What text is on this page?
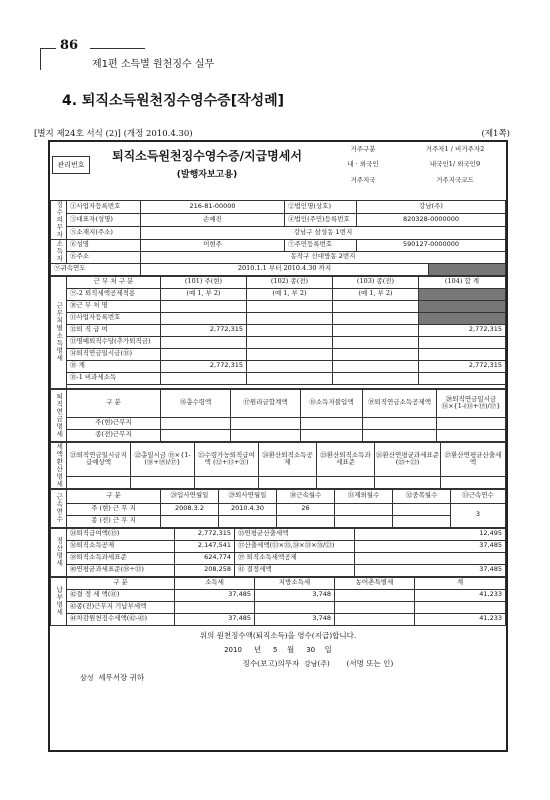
86
제1편 소득별 원천징수 실무
4. 퇴직소득원천징수영수증[작성례]
[별지 제24호 서식 (2)] (개정 2010.4.30)	(제1쪽)
관리번호	퇴직소득원천징수영수증/지급명세서
(발행자보고용)	거주구분	거주자1 / 비거주자2
		내 · 외국인	내국인1/ 외국인9
		거주지국	거주지국코드

징수의무자	①사업자등록번호	216-81-00000	②법인명(상호)	강남(주)	
	③대표자(성명)	손예진	④법인(주민)등록번호	820328-0000000	
	⑤소재지(주소)	강남구 삼성동 1번지			
소득자	⑥성명	이현주	⑦주민등록번호	590127-0000000	
	⑧주소	동작구 신대방동 2번지			
⑨귀속연도		2010.1.1 부터 2010.4.30 까지			
근무처별소득명세	근 무 처 구 분	(101) 주(현)	(102) 종(전)	(103) 종(전)	(104) 합 계
	⑨-2 퇴직세액공제적용	(예 1, 부 2)	(예 1, 부 2)	(예 1, 부 2)	
	⑩근 무 처 명				
	⑪사업자등록번호				
	⑫퇴 직 급 여	2,772,315			2,772,315
	⑬명예퇴직수당(추가퇴직금)				
	⑭퇴직연금일시금(⑮)				
	⑮ 계	2,772,315			2,772,315
	⑮-1 비과세소득				

퇴직연금명세	구 분	⑯총수령액	⑰원리금합계액	⑱소득자불입액	⑲퇴직연금소득공제액	⑳퇴직연금일시금 ⑯×{1-(⑱+⑲)/⑰}
	주(현)근무지					
	종(전)근무지					
세액환산명세	㉑퇴직연금일시금지급예상액	㉒총일시금 ⑮×{1-(⑱+⑲)/⑰}	㉓수령가능퇴직급여액 (⑫+⑬+㉑)	㉔환산퇴직소득공제	㉕환산퇴직소득과세표준	㉖환산연평균과세표준 (㉕÷㉓)	㉗환산연평균산출세액

근속연수	구 분	㉘입사연월일	㉙퇴사연월일	㉚근속월수	㉛제외월수	㉜중복월수	㉝근속연수
	주 (현) 근 무 지	2008.3.2	2010.4.30	26			3
	종 (전) 근 무 지						
정산명세	㉞퇴직급여액(⑮)	2,772,315	㉟연평균산출세액	12,495
	㊱퇴직소득공제	2,147,541	㊲산출세액(㉝×㉟,㉞×㉝×㉟/㉓)	37,485
	㊳퇴직소득과세표준	624,774	㊴ 퇴직소득세액공제	
	㊵연평균과세표준(㊳÷㉝)	208,258	㊶ 결정세액	37,485
납부명세	구 분	소득세	지방소득세	농어촌특별세	계
	㊷결 정 세 액(㊶)	37,485	3,748		41,233
	㊸종(전)근무지 기납부세액				
	㊹차감원천징수세액(㊷-㊸)	37,485	3,748		41,233
위의 원천징수액(퇴직소득)을 영수(지급)합니다.
2010 년 5 월 30 일
징수(보고)의무자 강남(주) (서명 또는 인)
삼성 세무서장 귀하
